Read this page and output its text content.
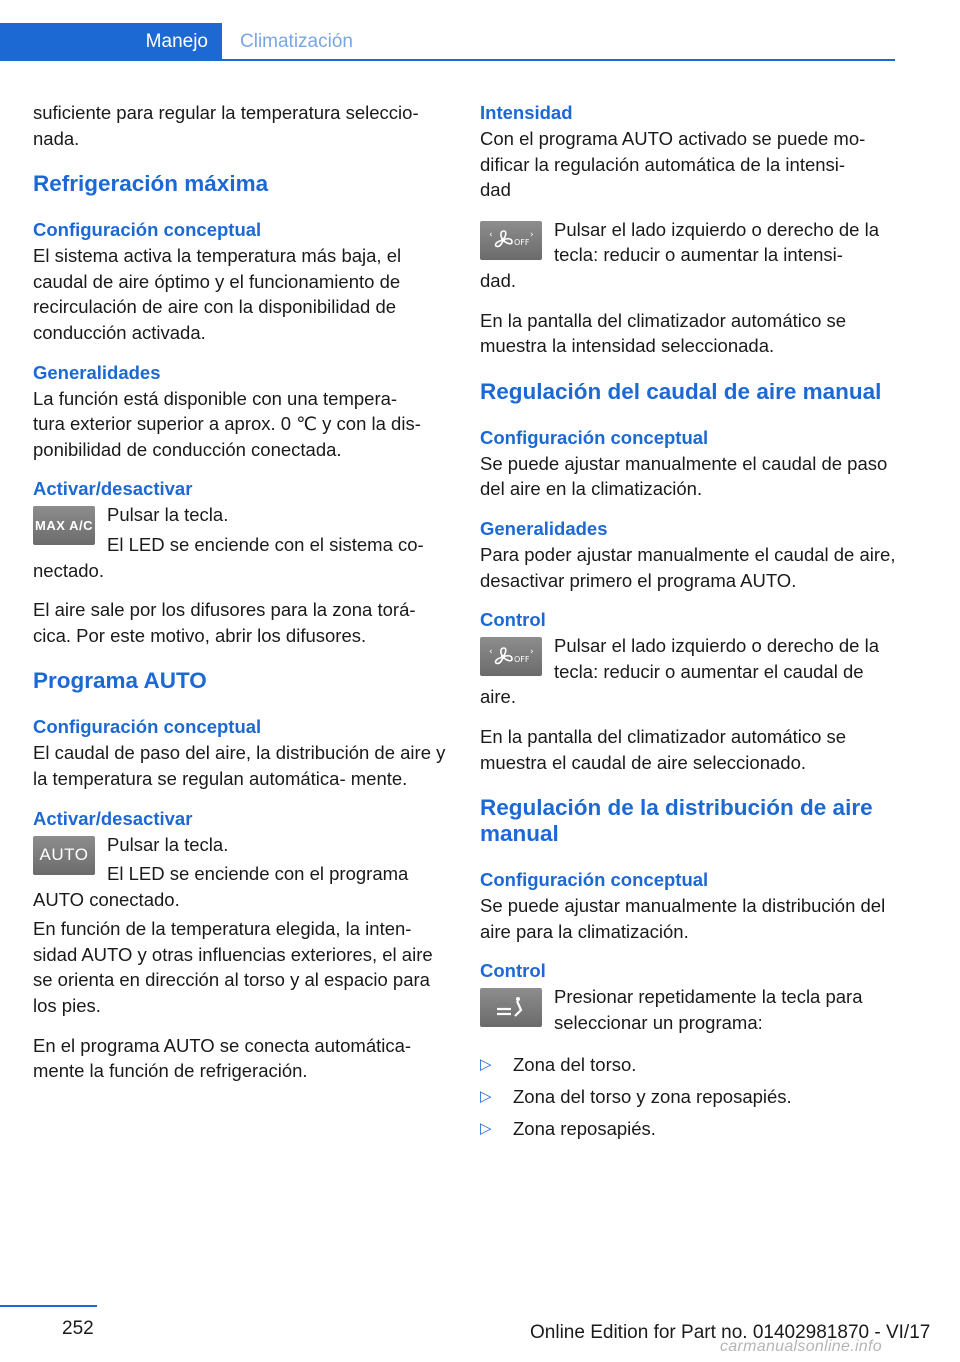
Manejo	Climatización

suficiente para regular la temperatura seleccio‐
nada.

Refrigeración máxima
Configuración conceptual

El sistema activa la temperatura más baja, el caudal de aire óptimo y el funcionamiento de recirculación de aire con la disponibilidad de conducción activada.

Generalidades

La función está disponible con una tempera‐
tura exterior superior a aprox. 0 ℃ y con la dis‐
ponibilidad de conducción conectada.

Activar/desactivar
MAX A/C

Pulsar la tecla.

El LED se enciende con el sistema co‐
nectado.

El aire sale por los difusores para la zona torá‐
cica. Por este motivo, abrir los difusores.

Programa AUTO
Configuración conceptual

El caudal de paso del aire, la distribución de aire y la temperatura se regulan automática‐ mente.

Activar/desactivar
AUTO	Pulsar la tecla.

El LED se enciende con el programa AUTO conectado.

En función de la temperatura elegida, la inten‐ sidad AUTO y otras influencias exteriores, el aire se orienta en dirección al torso y al espacio para los pies.

En el programa AUTO se conecta automática‐
mente la función de refrigeración.

Intensidad

Con el programa AUTO activado se puede mo‐
dificar la regulación automática de la intensi‐
dad

‹
OFF
›	Pulsar el lado izquierdo o derecho de la tecla: reducir o aumentar la intensi‐
dad.

En la pantalla del climatizador automático se muestra la intensidad seleccionada.

Regulación del caudal de aire manual
Configuración conceptual

Se puede ajustar manualmente el caudal de paso del aire en la climatización.

Generalidades

Para poder ajustar manualmente el caudal de aire, desactivar primero el programa AUTO.

Control
‹
OFF
›	Pulsar el lado izquierdo o derecho de la tecla: reducir o aumentar el caudal de aire.

En la pantalla del climatizador automático se muestra el caudal de aire seleccionado.

Regulación de la distribución de aire manual
Configuración conceptual

Se puede ajustar manualmente la distribución del aire para la climatización.

Control

Presionar repetidamente la tecla para seleccionar un programa:

▷	Zona del torso.
▷	Zona del torso y zona reposapiés.
▷	Zona reposapiés.
252	Online Edition for Part no. 01402981870 - VI/17
carmanualsonline.info
